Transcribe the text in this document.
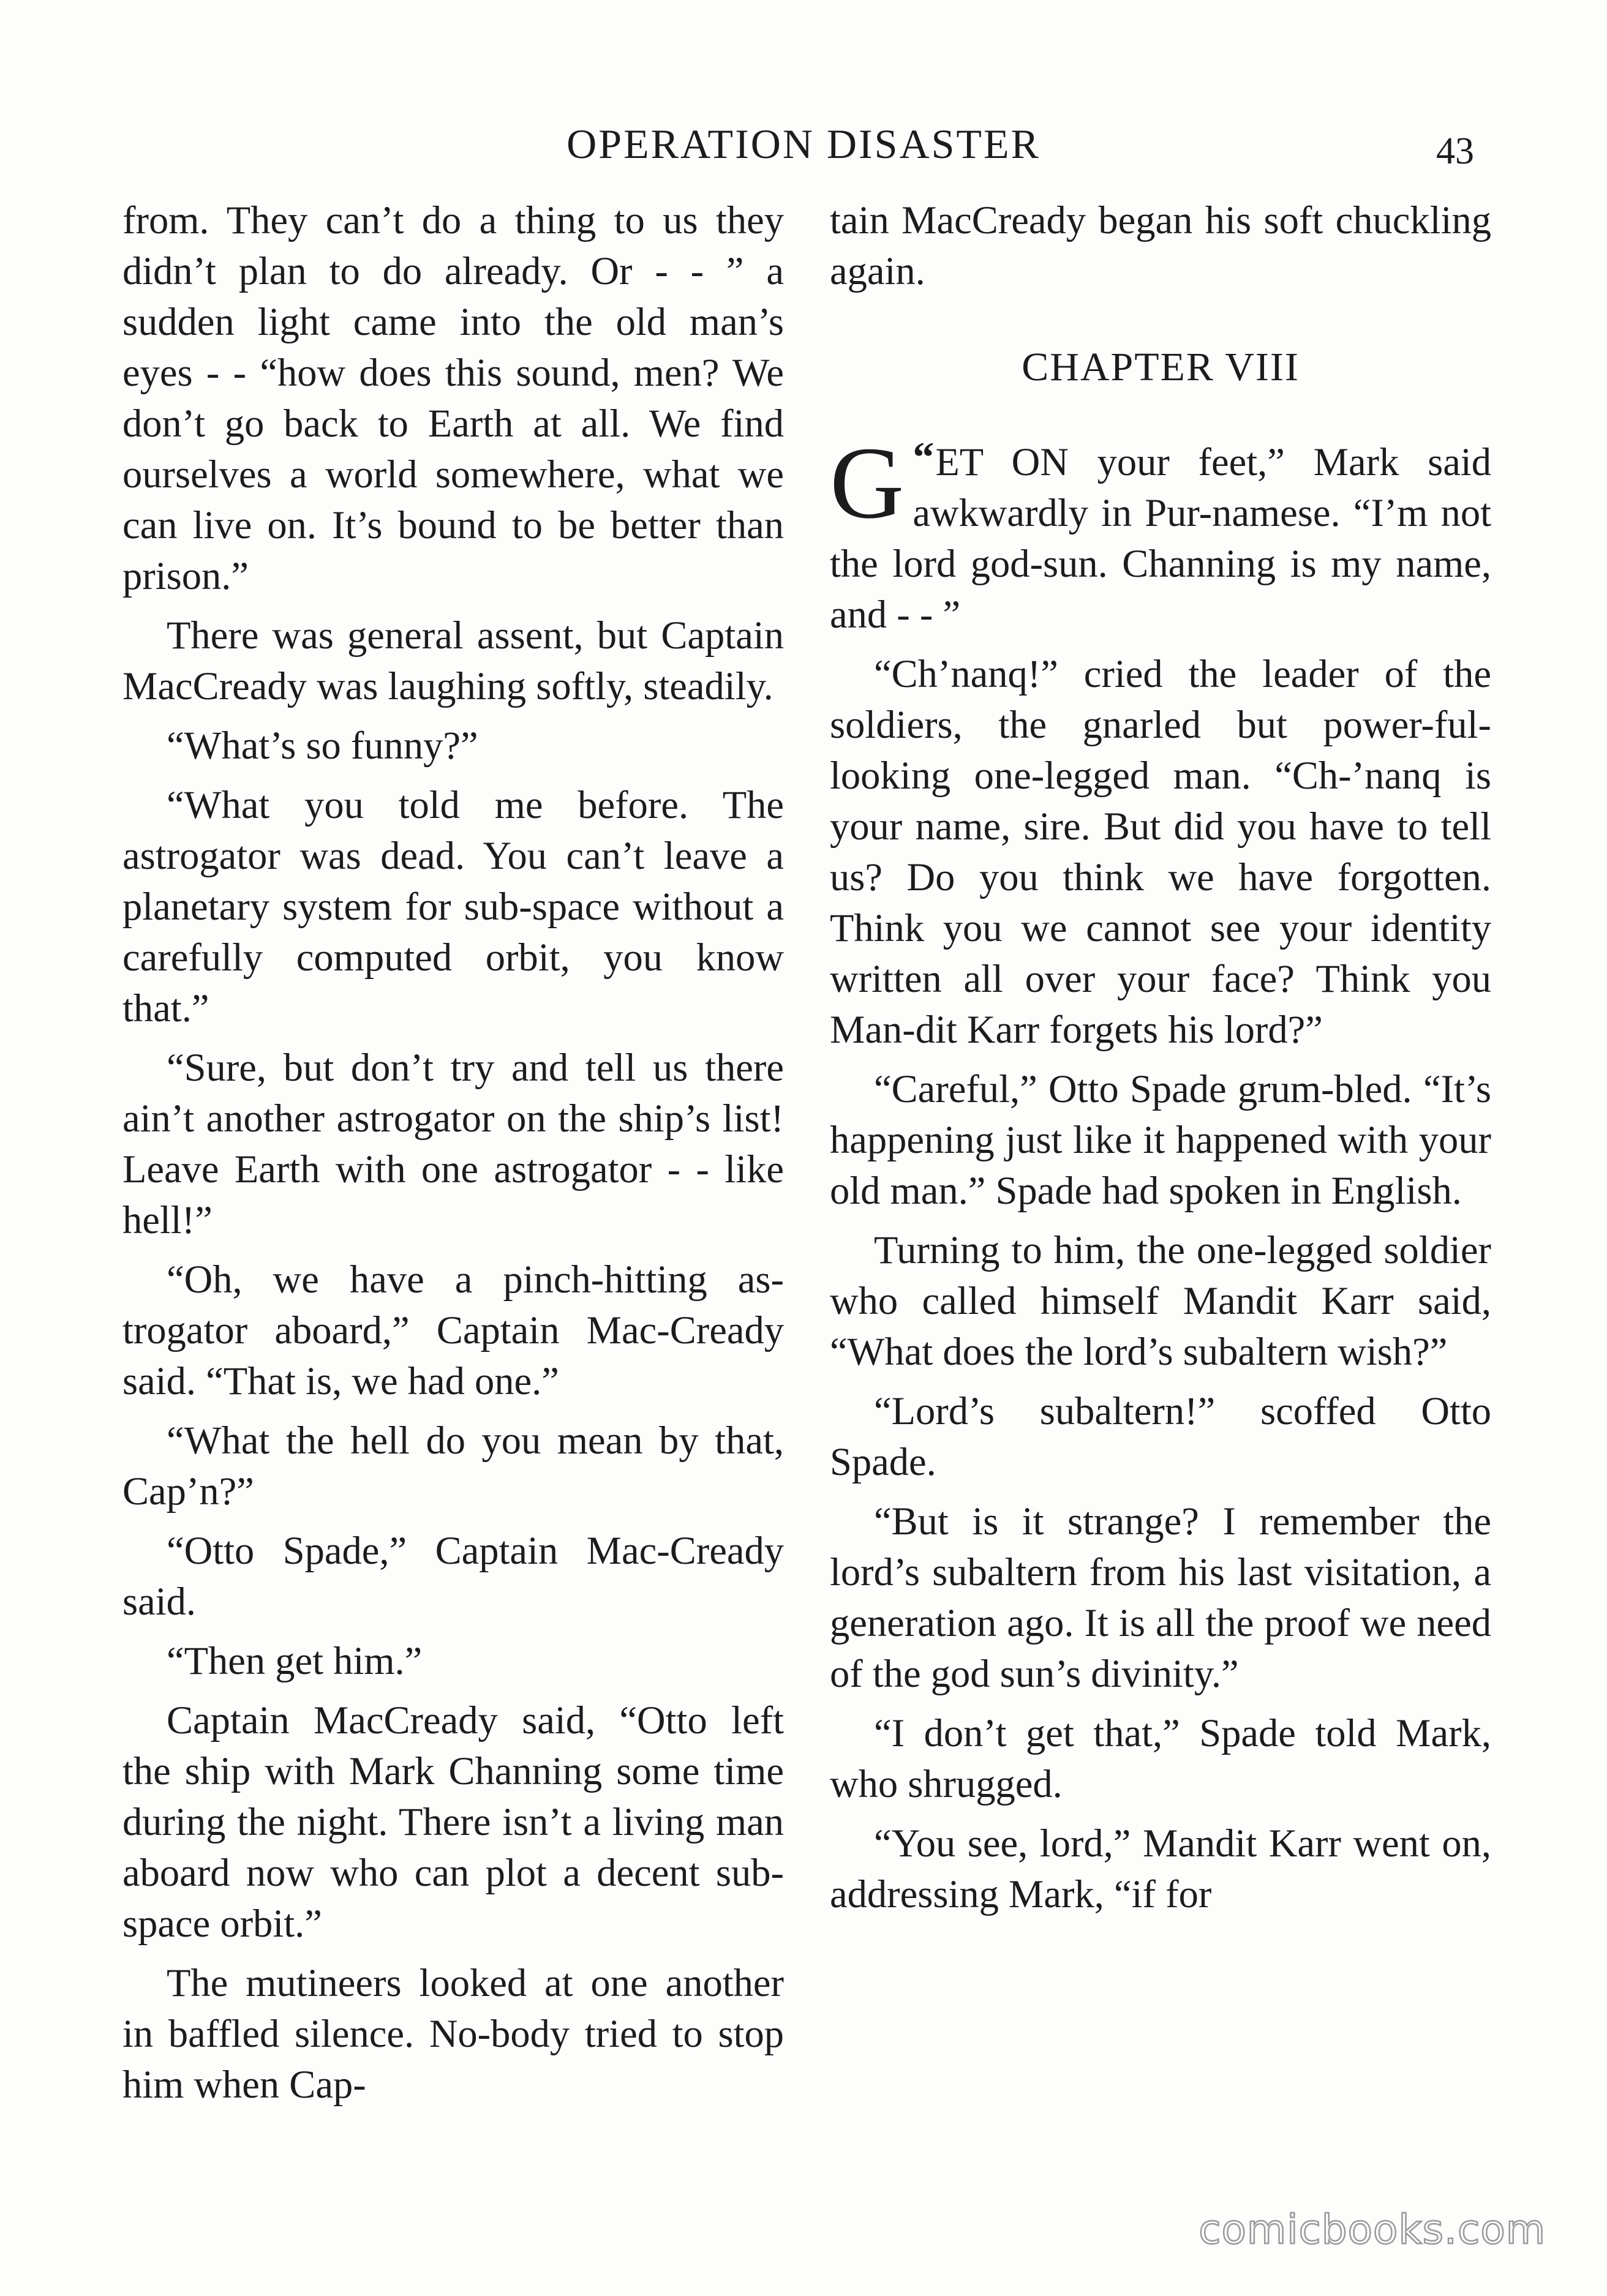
OPERATION DISASTER	43

from. They can’t do a thing to us they didn’t plan to do already. Or - - ” a sudden light came into the old man’s eyes - - “how does this sound, men? We don’t go back to Earth at all. We find ourselves a world somewhere, what we can live on. It’s bound to be better than prison.”

There was general assent, but Captain MacCready was laughing softly, steadily.

“What’s so funny?”

“What you told me before. The astrogator was dead. You can’t leave a planetary system for sub-space without a carefully computed orbit, you know that.”

“Sure, but don’t try and tell us there ain’t another astrogator on the ship’s list! Leave Earth with one astrogator - - like hell!”

“Oh, we have a pinch-hitting as-trogator aboard,” Captain Mac-Cready said. “That is, we had one.”

“What the hell do you mean by that, Cap’n?”

“Otto Spade,” Captain Mac-Cready said.

“Then get him.”

Captain MacCready said, “Otto left the ship with Mark Channing some time during the night. There isn’t a living man aboard now who can plot a decent sub-space orbit.”

The mutineers looked at one another in baffled silence. No-body tried to stop him when Cap-

tain MacCready began his soft chuckling again.

CHAPTER VIII

“
G ET ON your feet,” Mark said awkwardly in Pur-namese. “I’m not the lord god-sun. Channing is my name, and - - ”

“Ch’nanq!” cried the leader of the soldiers, the gnarled but power-ful-looking one-legged man. “Ch-’nanq is your name, sire. But did you have to tell us? Do you think we have forgotten. Think you we cannot see your identity written all over your face? Think you Man-dit Karr forgets his lord?”

“Careful,” Otto Spade grum-bled. “It’s happening just like it happened with your old man.” Spade had spoken in English.

Turning to him, the one-legged soldier who called himself Mandit Karr said, “What does the lord’s subaltern wish?”

“Lord’s subaltern!” scoffed Otto Spade.

“But is it strange? I remember the lord’s subaltern from his last visitation, a generation ago. It is all the proof we need of the god sun’s divinity.”

“I don’t get that,” Spade told Mark, who shrugged.

“You see, lord,” Mandit Karr went on, addressing Mark, “if for

comicbooks.com
